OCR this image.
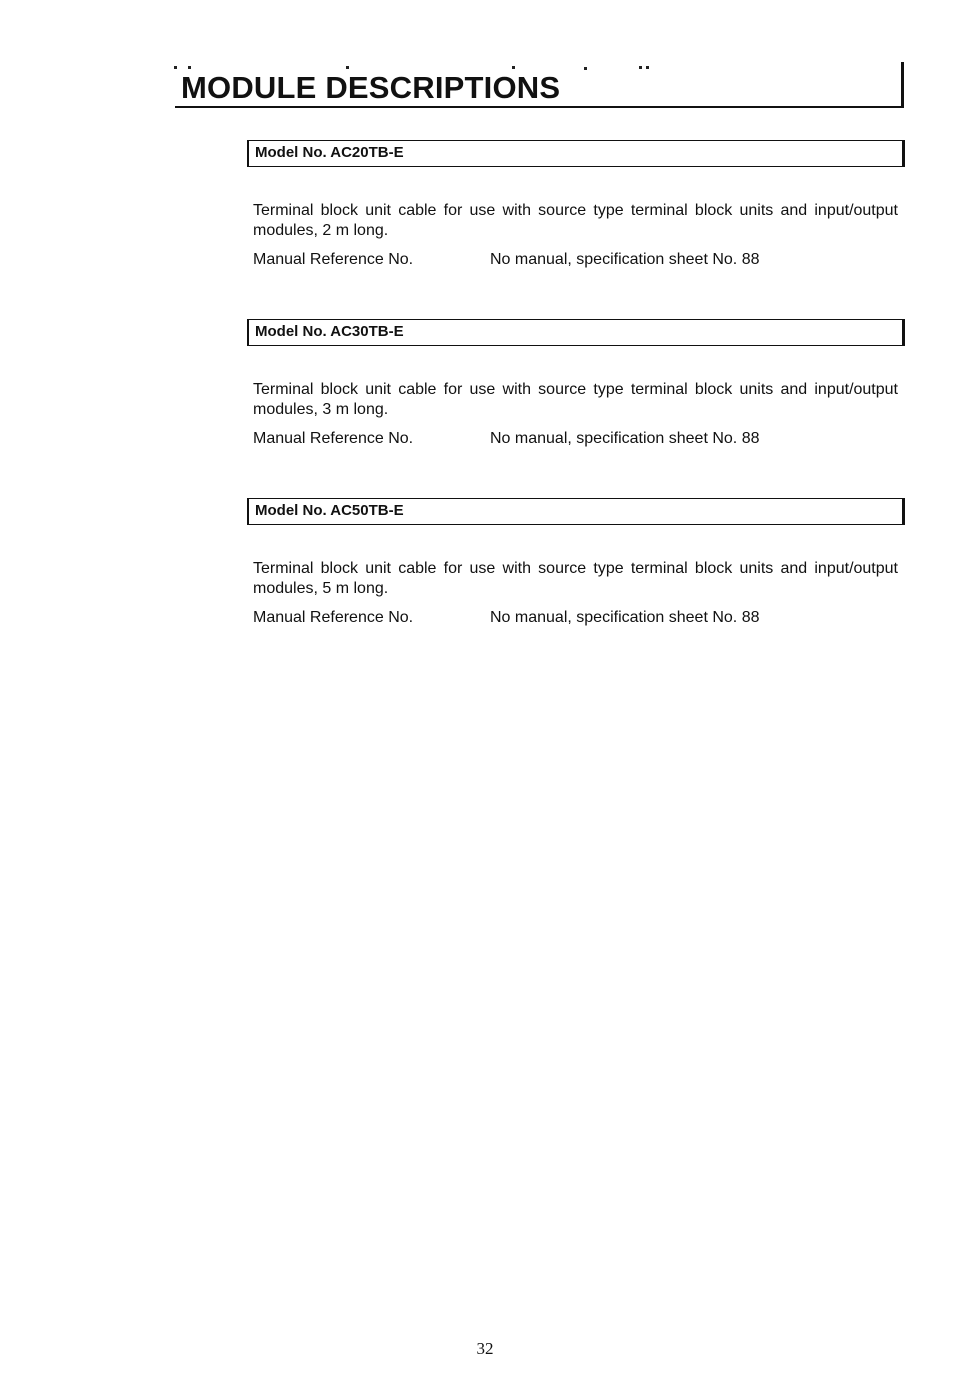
MODULE DESCRIPTIONS
Model No. AC20TB-E

Terminal block unit cable for use with source type terminal block units and input/output modules, 2 m long.

Manual Reference No.	No manual, specification sheet No. 88
Model No. AC30TB-E

Terminal block unit cable for use with source type terminal block units and input/output modules, 3 m long.

Manual Reference No.	No manual, specification sheet No. 88
Model No. AC50TB-E

Terminal block unit cable for use with source type terminal block units and input/output modules, 5 m long.

Manual Reference No.	No manual, specification sheet No. 88
32
